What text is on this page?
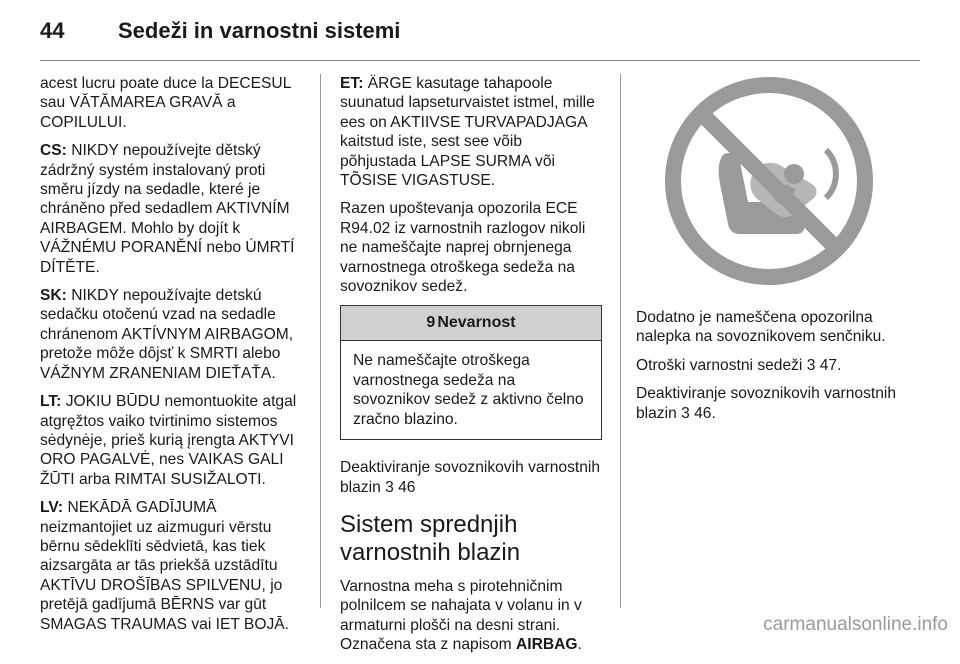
44 Sedeži in varnostni sistemi

acest lucru poate duce la DECESUL sau VĂTĂMAREA GRAVĂ a COPILULUI.

CS: NIKDY nepoužívejte dětský zádržný systém instalovaný proti směru jízdy na sedadle, které je chráněno před sedadlem AKTIVNÍM AIRBAGEM. Mohlo by dojít k VÁŽNÉMU PORANĚNÍ nebo ÚMRTÍ DÍTĚTE.

SK: NIKDY nepoužívajte detskú sedačku otočenú vzad na sedadle chránenom AKTÍVNYM AIRBAGOM, pretože môže dôjsť k SMRTI alebo VÁŽNYM ZRANENIAM DIEŤAŤA.

LT: JOKIU BŪDU nemontuokite atgal atgręžtos vaiko tvirtinimo sistemos sėdynėje, prieš kurią įrengta AKTYVI ORO PAGALVĖ, nes VAIKAS GALI ŽŪTI arba RIMTAI SUSIŽALOTI.

LV: NEKĀDĀ GADĪJUMĀ neizmantojiet uz aizmuguri vērstu bērnu sēdeklīti sēdvietā, kas tiek aizsargāta ar tās priekšā uzstādītu AKTĪVU DROŠĪBAS SPILVENU, jo pretējā gadījumā BĒRNS var gūt SMAGAS TRAUMAS vai IET BOJĀ.

ET: ÄRGE kasutage tahapoole suunatud lapseturvaistet istmel, mille ees on AKTIIVSE TURVAPADJAGA kaitstud iste, sest see võib põhjustada LAPSE SURMA või TÕSISE VIGASTUSE.

Razen upoštevanja opozorila ECE R94.02 iz varnostnih razlogov nikoli ne nameščajte naprej obrnjenega varnostnega otroškega sedeža na sovoznikov sedež.

9 Nevarnost

Ne nameščajte otroškega varnostnega sedeža na sovoznikov sedež z aktivno čelno zračno blazino.

Deaktiviranje sovoznikovih varnostnih blazin 3 46

Sistem sprednjih varnostnih blazin

Varnostna meha s pirotehničnim polnilcem se nahajata v volanu in v armaturni plošči na desni strani. Označena sta z napisom AIRBAG.

Dodatno je nameščena opozorilna nalepka na sovoznikovem senčniku.

Otroški varnostni sedeži 3 47.

Deaktiviranje sovoznikovih varnostnih blazin 3 46.

carmanualsonline.info
